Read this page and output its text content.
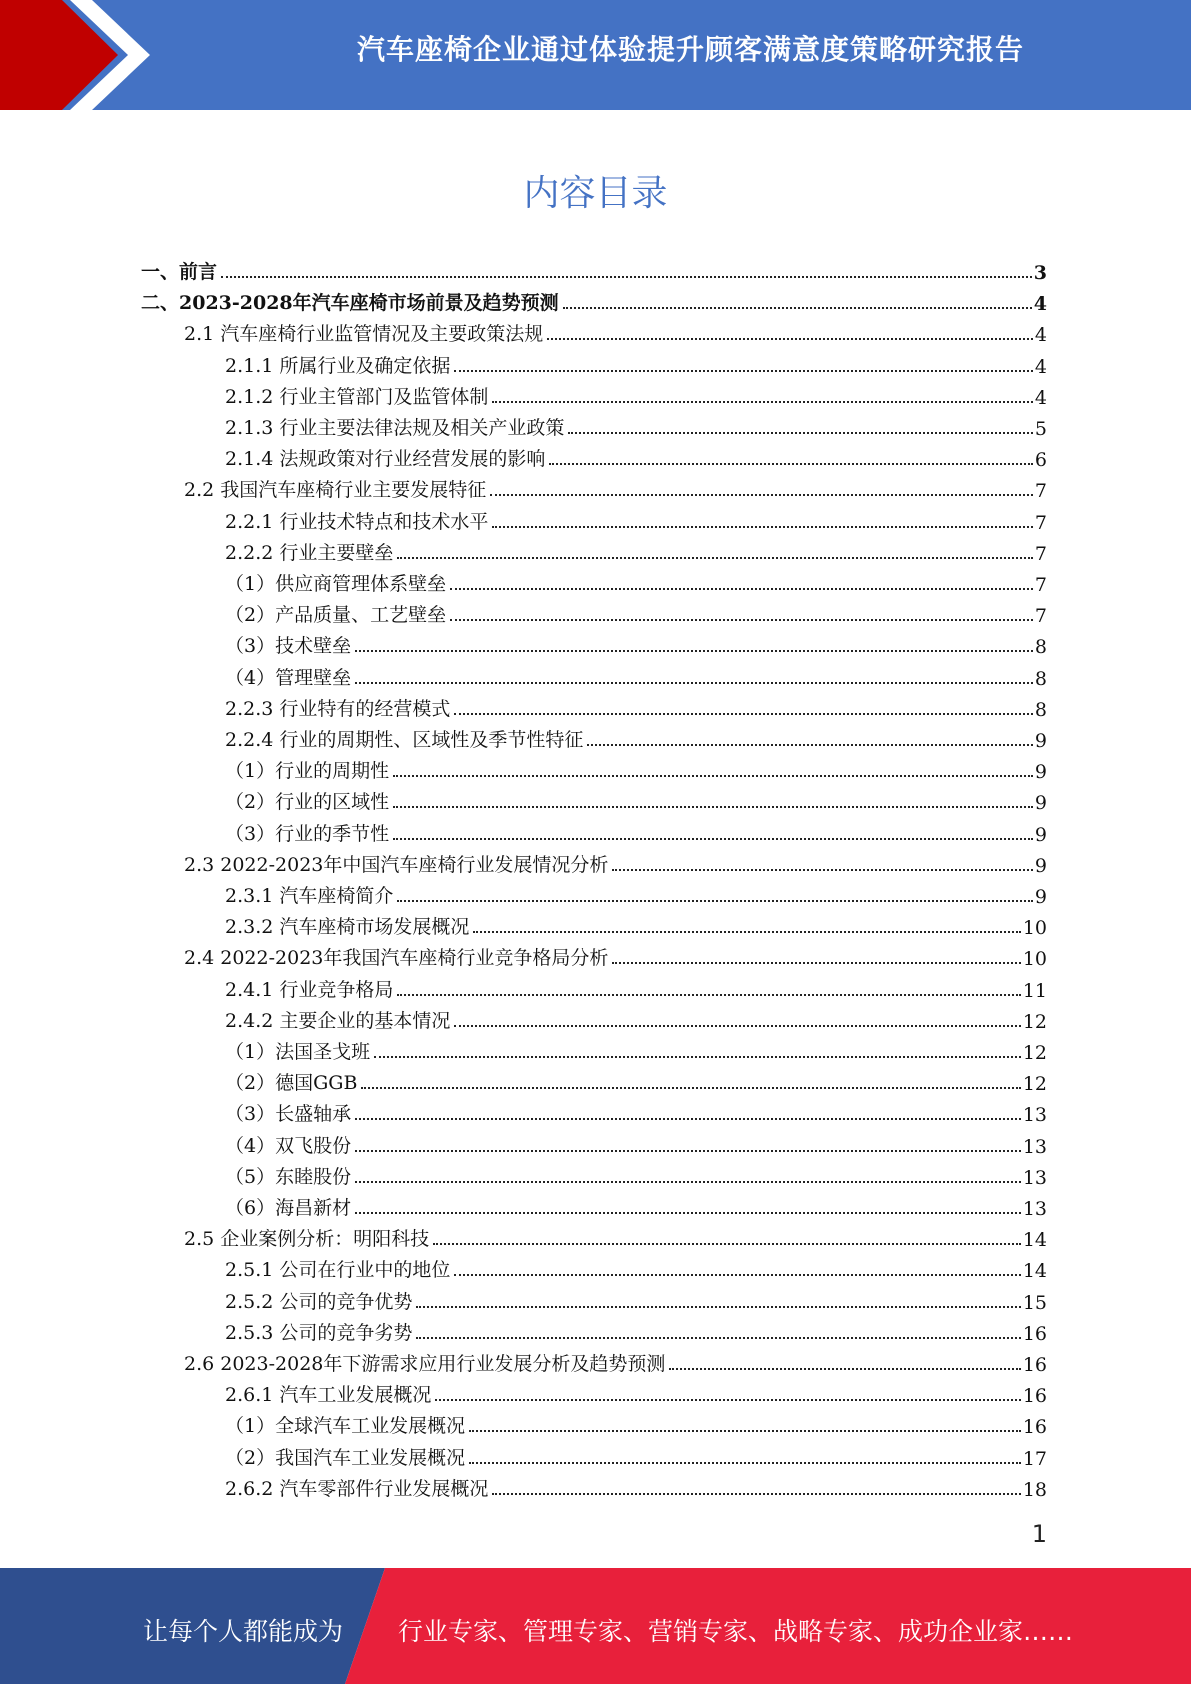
汽车座椅企业通过体验提升顾客满意度策略研究报告
内容目录
一、前言	3
二、2023-2028年汽车座椅市场前景及趋势预测	4
2.1 汽车座椅行业监管情况及主要政策法规	4
2.1.1 所属行业及确定依据	4
2.1.2 行业主管部门及监管体制	4
2.1.3 行业主要法律法规及相关产业政策	5
2.1.4 法规政策对行业经营发展的影响	6
2.2 我国汽车座椅行业主要发展特征	7
2.2.1 行业技术特点和技术水平	7
2.2.2 行业主要壁垒	7
（1）供应商管理体系壁垒	7
（2）产品质量、工艺壁垒	7
（3）技术壁垒	8
（4）管理壁垒	8
2.2.3 行业特有的经营模式	8
2.2.4 行业的周期性、区域性及季节性特征	9
（1）行业的周期性	9
（2）行业的区域性	9
（3）行业的季节性	9
2.3 2022-2023年中国汽车座椅行业发展情况分析	9
2.3.1 汽车座椅简介	9
2.3.2 汽车座椅市场发展概况	10
2.4 2022-2023年我国汽车座椅行业竞争格局分析	10
2.4.1 行业竞争格局	11
2.4.2 主要企业的基本情况	12
（1）法国圣戈班	12
（2）德国GGB	12
（3）长盛轴承	13
（4）双飞股份	13
（5）东睦股份	13
（6）海昌新材	13
2.5 企业案例分析：明阳科技	14
2.5.1 公司在行业中的地位	14
2.5.2 公司的竞争优势	15
2.5.3 公司的竞争劣势	16
2.6 2023-2028年下游需求应用行业发展分析及趋势预测	16
2.6.1 汽车工业发展概况	16
（1）全球汽车工业发展概况	16
（2）我国汽车工业发展概况	17
2.6.2 汽车零部件行业发展概况	18
1
让每个人都能成为 行业专家、管理专家、营销专家、战略专家、成功企业家……
